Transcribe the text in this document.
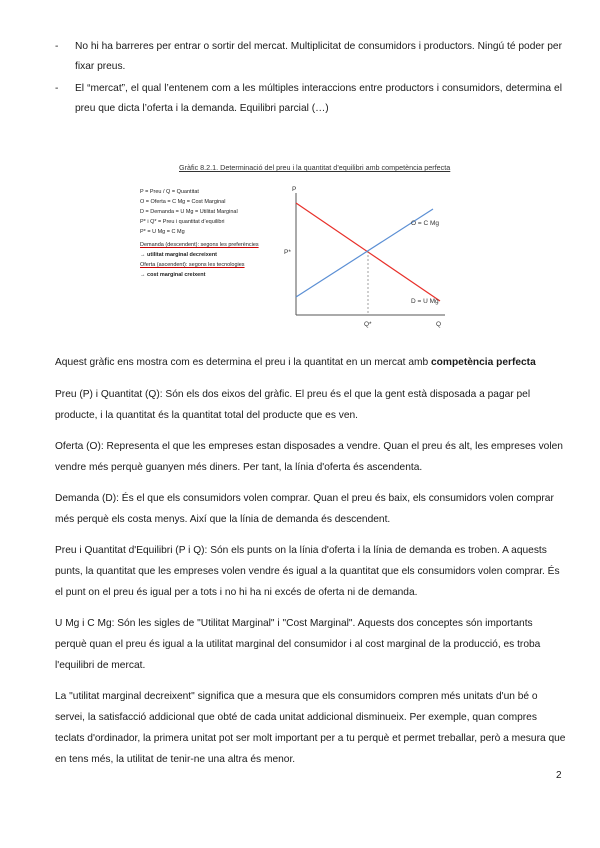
- No hi ha barreres per entrar o sortir del mercat. Multiplicitat de consumidors i productors. Ningú té poder per fixar preus.
- El “mercat”, el qual l’entenem com a les múltiples interaccions entre productors i consumidors, determina el preu que dicta l’oferta i la demanda. Equilibri parcial (…)
Gràfic 8.2.1. Determinació del preu i la quantitat d’equilibri amb competència perfecta
P = Preu / Q = Quantitat
O = Oferta = C Mg = Cost Marginal
D = Demanda = U Mg = Utilitat Marginal
P* i Q* = Preu i quantitat d’equilibri
P* = U Mg = C Mg
Demanda (descendent): segons les preferències
→ utilitat marginal decreixent
Oferta (ascendent): segons les tecnologies
→ cost marginal creixent
P
P*
Q*	Q
O = C Mg
D = U Mg
Aquest gràfic ens mostra com es determina el preu i la quantitat en un mercat amb competència perfecta
Preu (P) i Quantitat (Q): Són els dos eixos del gràfic. El preu és el que la gent està disposada a pagar pel producte, i la quantitat és la quantitat total del producte que es ven.
Oferta (O): Representa el que les empreses estan disposades a vendre. Quan el preu és alt, les empreses volen vendre més perquè guanyen més diners. Per tant, la línia d'oferta és ascendenta.
Demanda (D): És el que els consumidors volen comprar. Quan el preu és baix, els consumidors volen comprar més perquè els costa menys. Així que la línia de demanda és descendent.
Preu i Quantitat d'Equilibri (P i Q): Són els punts on la línia d'oferta i la línia de demanda es troben. A aquests punts, la quantitat que les empreses volen vendre és igual a la quantitat que els consumidors volen comprar. És el punt on el preu és igual per a tots i no hi ha ni excés de oferta ni de demanda.
U Mg i C Mg: Són les sigles de "Utilitat Marginal" i "Cost Marginal". Aquests dos conceptes són importants perquè quan el preu és igual a la utilitat marginal del consumidor i al cost marginal de la producció, es troba l'equilibri de mercat.
La "utilitat marginal decreixent" significa que a mesura que els consumidors compren més unitats d'un bé o servei, la satisfacció addicional que obté de cada unitat addicional disminueix. Per exemple, quan compres teclats d'ordinador, la primera unitat pot ser molt important per a tu perquè et permet treballar, però a mesura que en tens més, la utilitat de tenir-ne una altra és menor.
2
